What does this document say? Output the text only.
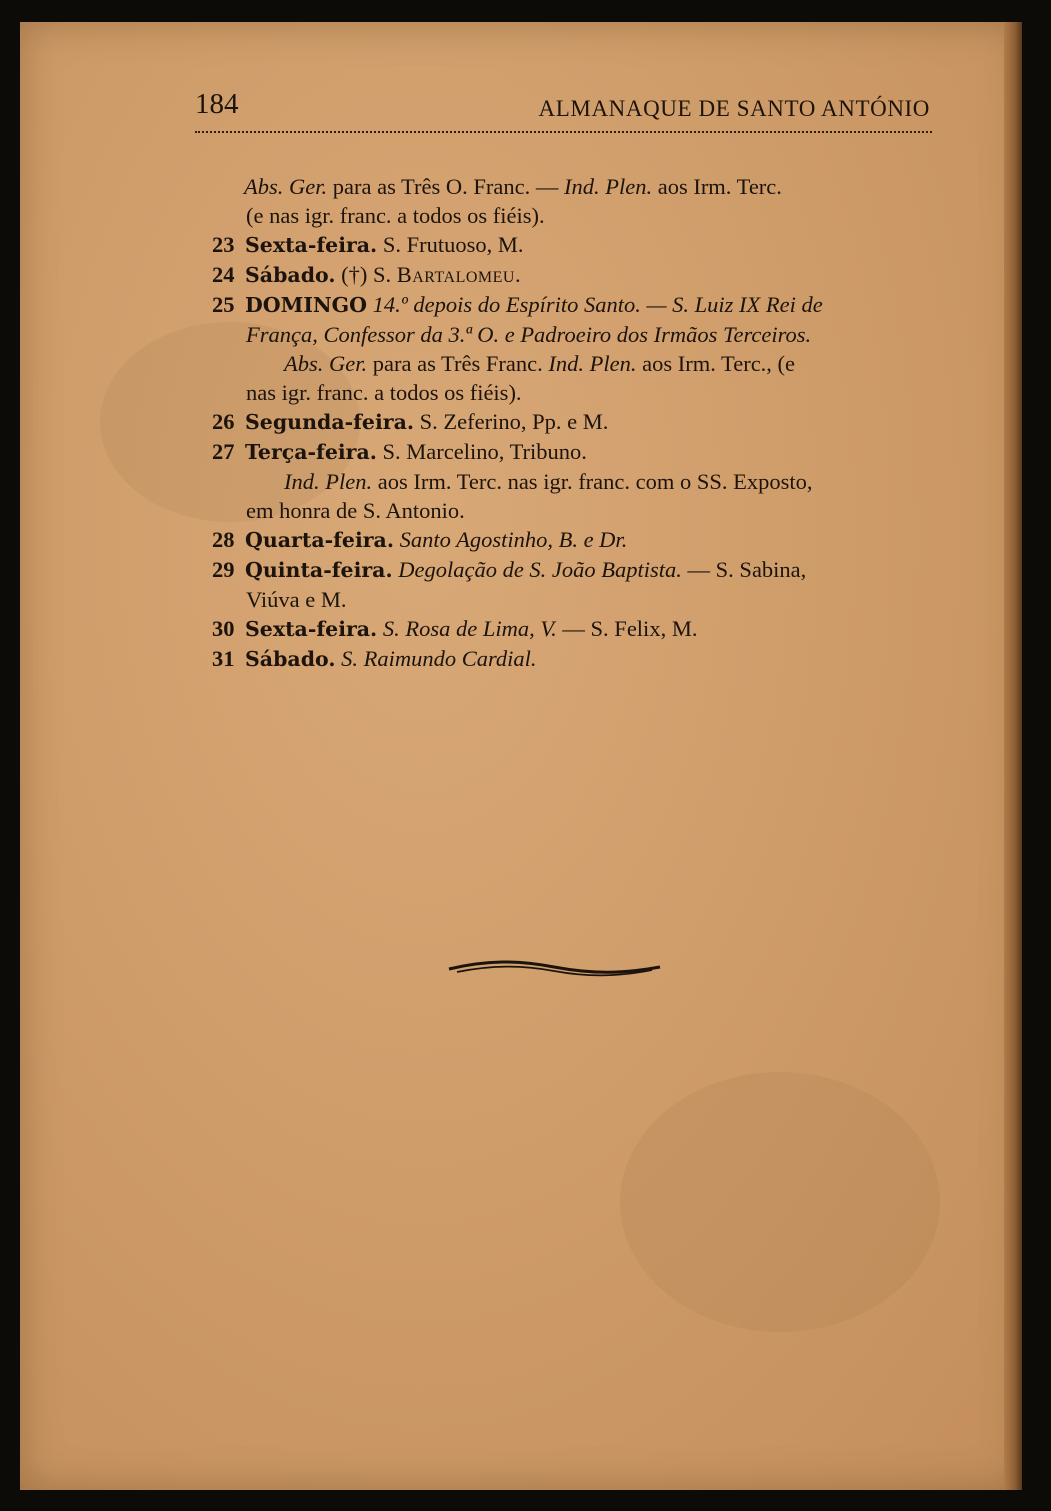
184	ALMANAQUE DE SANTO ANTÓNIO
Abs. Ger. para as Três O. Franc. — Ind. Plen. aos Irm. Terc.
(e nas igr. franc. a todos os fiéis).
23 Sexta-feira. S. Frutuoso, M.
24 Sábado. (†) S. Bartalomeu.
25 DOMINGO 14.º depois do Espírito Santo. — S. Luiz IX Rei de
França, Confessor da 3.ª O. e Padroeiro dos Irmãos Terceiros.
Abs. Ger. para as Três Franc. Ind. Plen. aos Irm. Terc., (e
nas igr. franc. a todos os fiéis).
26 Segunda-feira. S. Zeferino, Pp. e M.
27 Terça-feira. S. Marcelino, Tribuno.
Ind. Plen. aos Irm. Terc. nas igr. franc. com o SS. Exposto,
em honra de S. Antonio.
28 Quarta-feira. Santo Agostinho, B. e Dr.
29 Quinta-feira. Degolação de S. João Baptista. — S. Sabina,
Viúva e M.
30 Sexta-feira. S. Rosa de Lima, V. — S. Felix, M.
31 Sábado. S. Raimundo Cardial.
